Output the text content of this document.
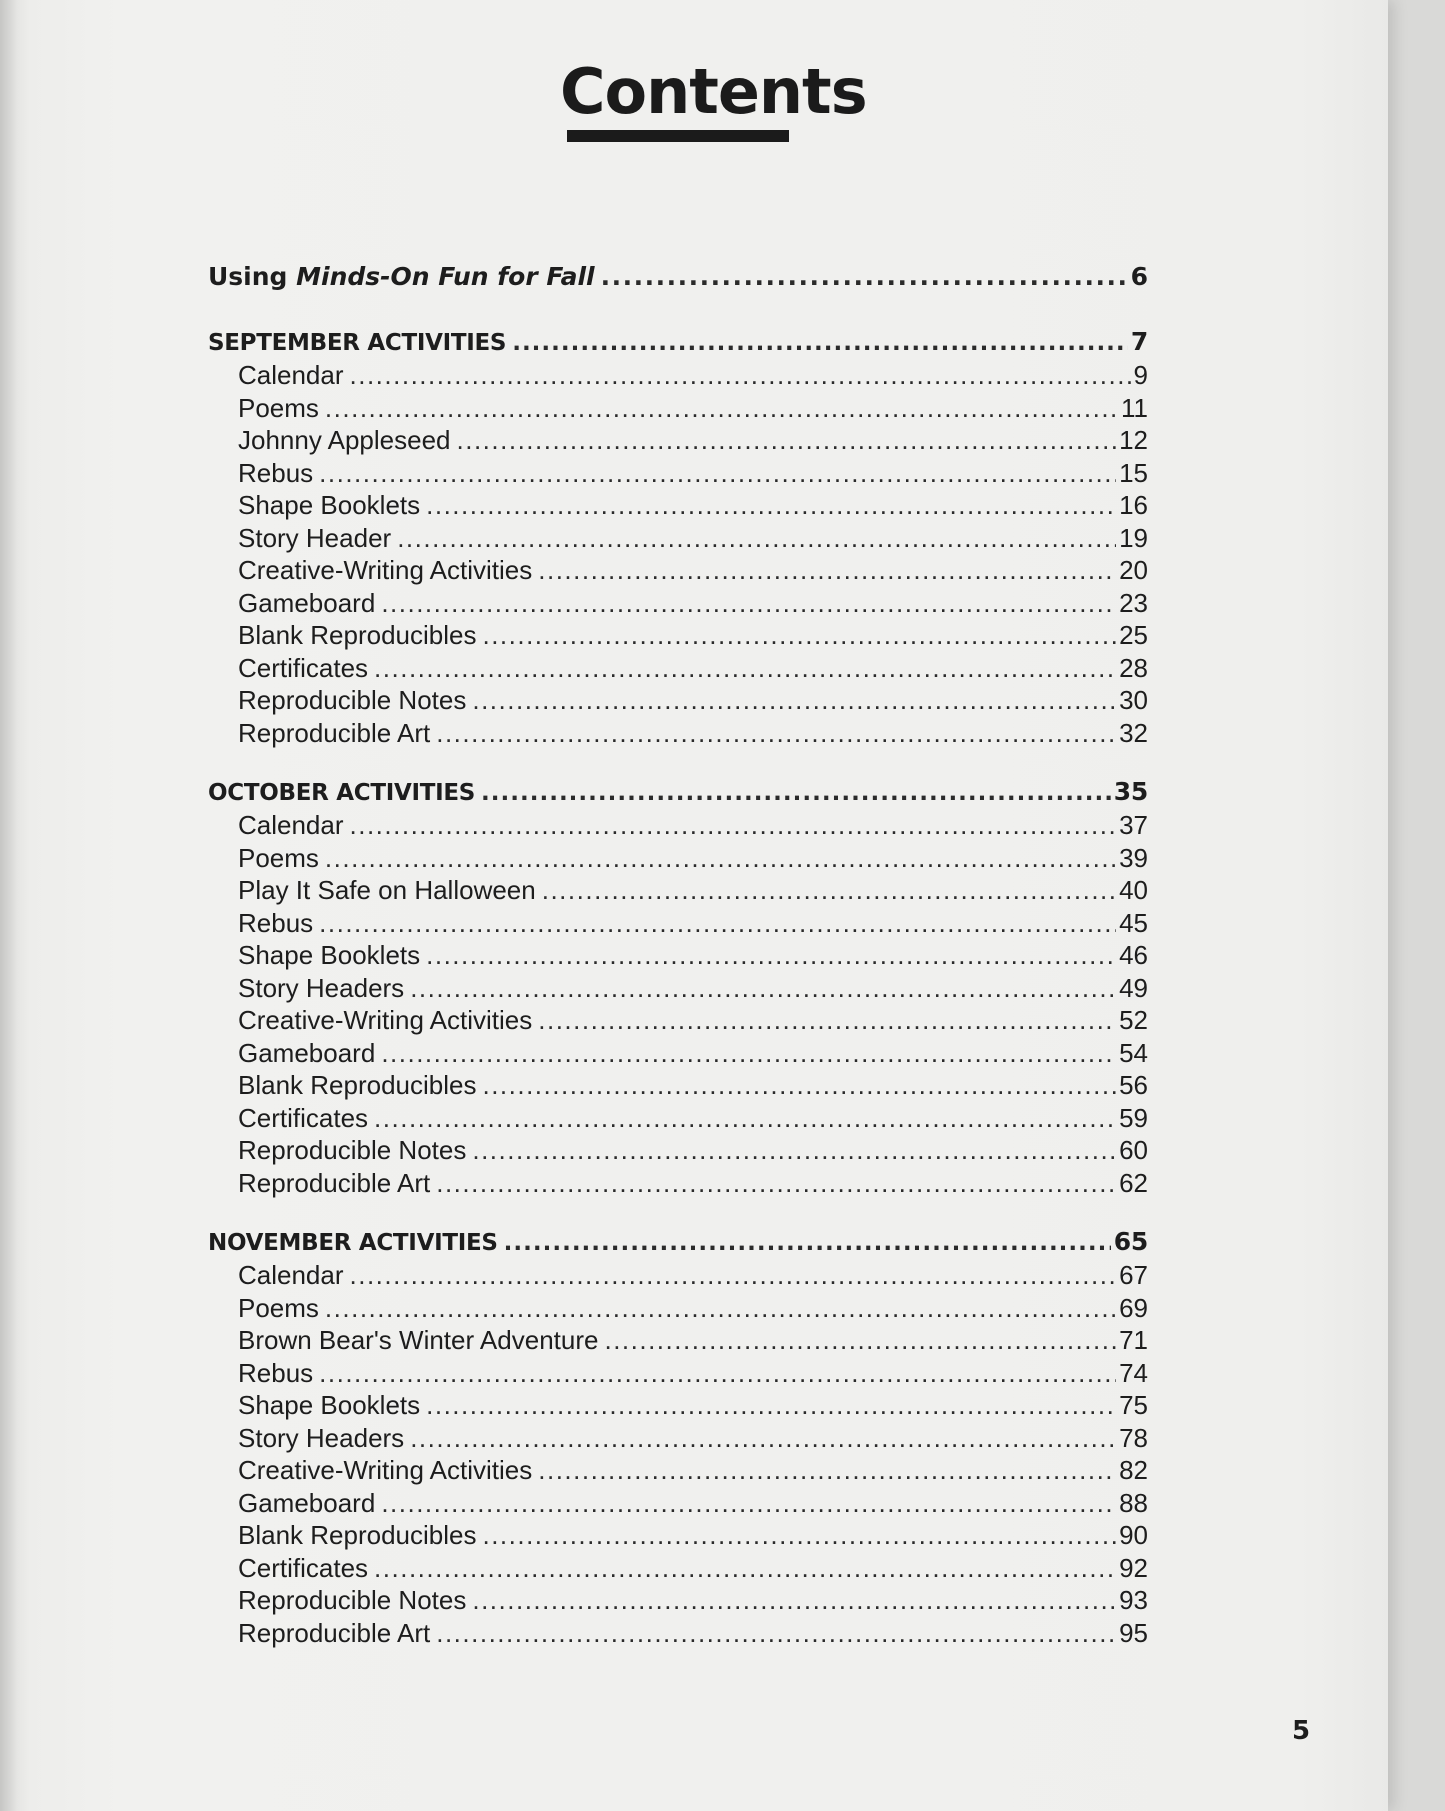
Contents
Using Minds-On Fun for Fall .....	6
SEPTEMBER ACTIVITIES .....	7
Calendar .....	9
Poems .....	11
Johnny Appleseed .....	12
Rebus .....	15
Shape Booklets .....	16
Story Header .....	19
Creative-Writing Activities .....	20
Gameboard .....	23
Blank Reproducibles .....	25
Certificates .....	28
Reproducible Notes .....	30
Reproducible Art .....	32
OCTOBER ACTIVITIES .....	35
Calendar .....	37
Poems .....	39
Play It Safe on Halloween .....	40
Rebus .....	45
Shape Booklets .....	46
Story Headers .....	49
Creative-Writing Activities .....	52
Gameboard .....	54
Blank Reproducibles .....	56
Certificates .....	59
Reproducible Notes .....	60
Reproducible Art .....	62
NOVEMBER ACTIVITIES .....	65
Calendar .....	67
Poems .....	69
Brown Bear's Winter Adventure .....	71
Rebus .....	74
Shape Booklets .....	75
Story Headers .....	78
Creative-Writing Activities .....	82
Gameboard .....	88
Blank Reproducibles .....	90
Certificates .....	92
Reproducible Notes .....	93
Reproducible Art .....	95
5
